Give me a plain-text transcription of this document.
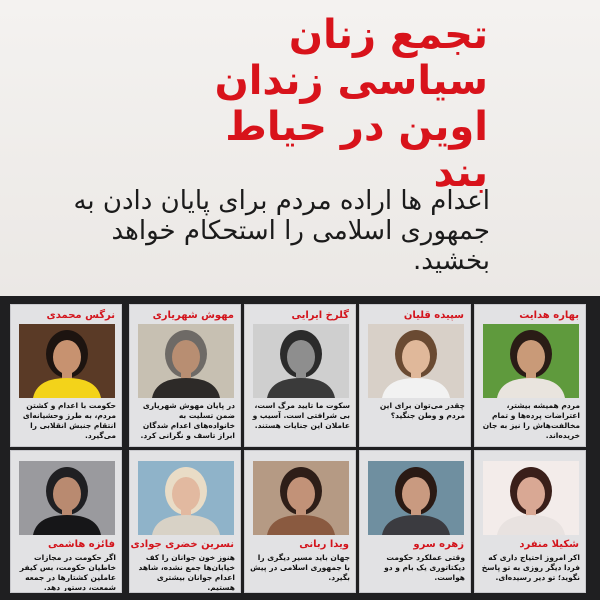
تجمع زنان
سیاسی زندان
اوین در حیاط بند

اعدام ها اراده مردم برای پایان دادن به جمهوری اسلامی را استحکام خواهد بخشید.

بهاره هدایت
مردم همیشه بیشتر، اعتراضات پرده‌ها و تمام مخالفت‌هاش را نیز به جان خریده‌اند.
سپیده قلیان
چقدر می‌توان برای این مردم و وطن جنگید؟
گلرخ ایرایی
سکوت ما تایید مرگ است، بی شرافتی است. آسیب و عاملان این جنایات هستند.
مهوش شهریاری
در پایان مهوش شهریاری ضمن تسلیت به خانواده‌های اعدام شدگان ابراز تاسف و نگرانی کرد.
نرگس محمدی
حکومت با اعدام و کشتن مردم، به طرز وحشیانه‌ای انتقام جنبش انقلابی را می‌گیرد.
شکیلا منفرد
اکر امروز احتیاج داری که فردا دیگر روزی به تو پاسخ نگوید؛ تو دیر رسیده‌ای.
زهره سرو
وقتی عملکرد حکومت دیکتاتوری یک بام و دو هواست.
ویدا ربانی
جهان باید مسیر دیگری را با جمهوری اسلامی در پیش بگیرد.
نسرین خضری جوادی
هنوز خون جوانان را کف خیابان‌ها جمع نشده، شاهد اعدام جوانان بیشتری هستیم.
فائزه هاشمی
اگر حکومت در مجازات خاطیان حکومت، بس کیفر عاملین کشتارها در جمعه شمعت، دستور دهد.
